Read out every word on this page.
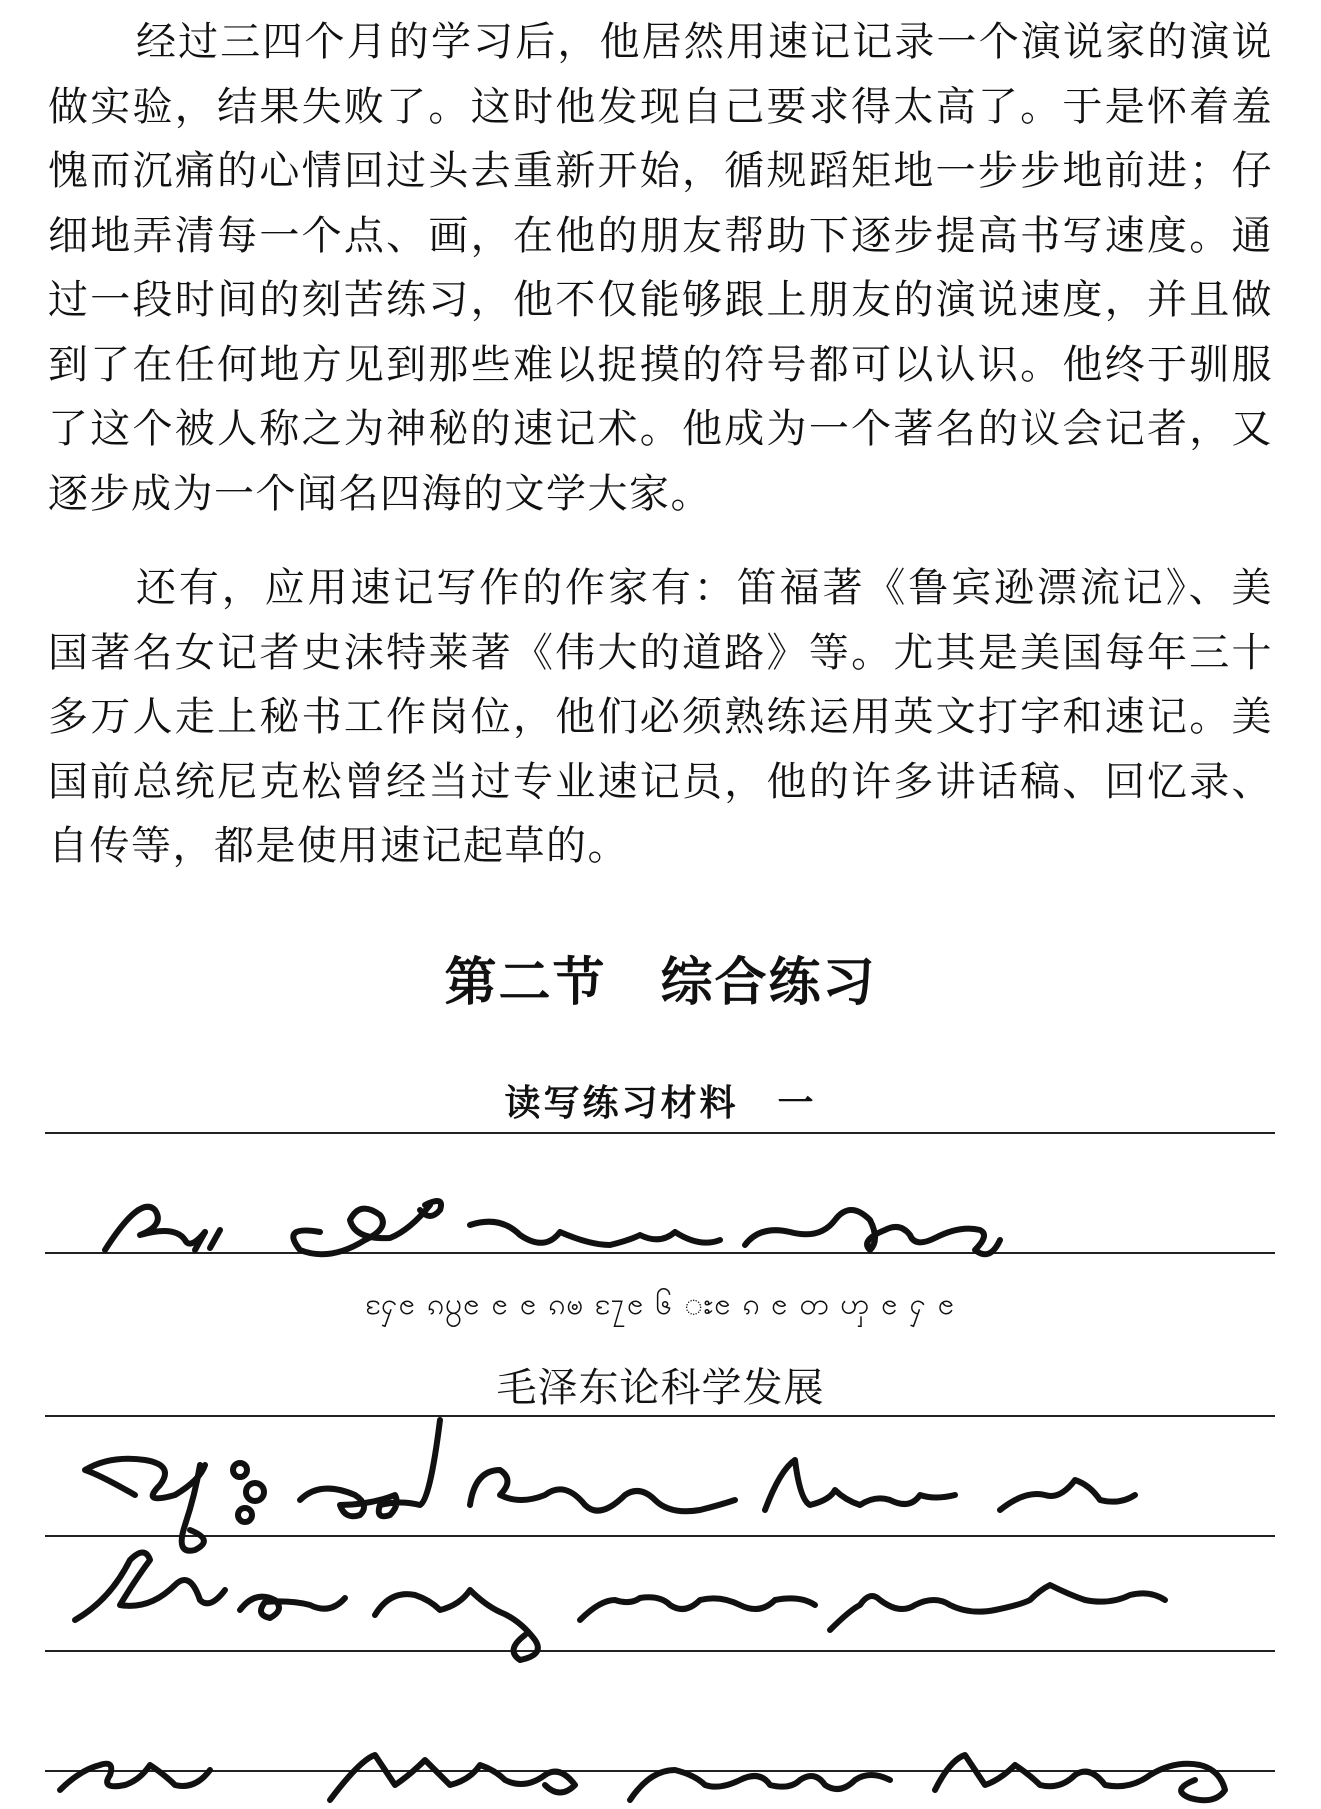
经过三四个月的学习后，他居然用速记记录一个演说家的演说做实验，结果失败了。这时他发现自己要求得太高了。于是怀着羞愧而沉痛的心情回过头去重新开始，循规蹈矩地一步步地前进；仔细地弄清每一个点、画，在他的朋友帮助下逐步提高书写速度。通过一段时间的刻苦练习，他不仅能够跟上朋友的演说速度，并且做到了在任何地方见到那些难以捉摸的符号都可以认识。他终于驯服了这个被人称之为神秘的速记术。他成为一个著名的议会记者，又逐步成为一个闻名四海的文学大家。

还有，应用速记写作的作家有：笛福著《鲁宾逊漂流记》、美国著名女记者史沫特莱著《伟大的道路》等。尤其是美国每年三十多万人走上秘书工作岗位，他们必须熟练运用英文打字和速记。美国前总统尼克松曾经当过专业速记员，他的许多讲话稿、回忆录、自传等，都是使用速记起草的。

第二节　综合练习
读写练习材料　一
ႁႄၔ ၵ႘ၔ ၔ ၔ ၵၑ ႗ႄၔ ၆ ႊၔ ၵ ၔ တ ၯ ၔ ႁ ၔ
毛泽东论科学发展
